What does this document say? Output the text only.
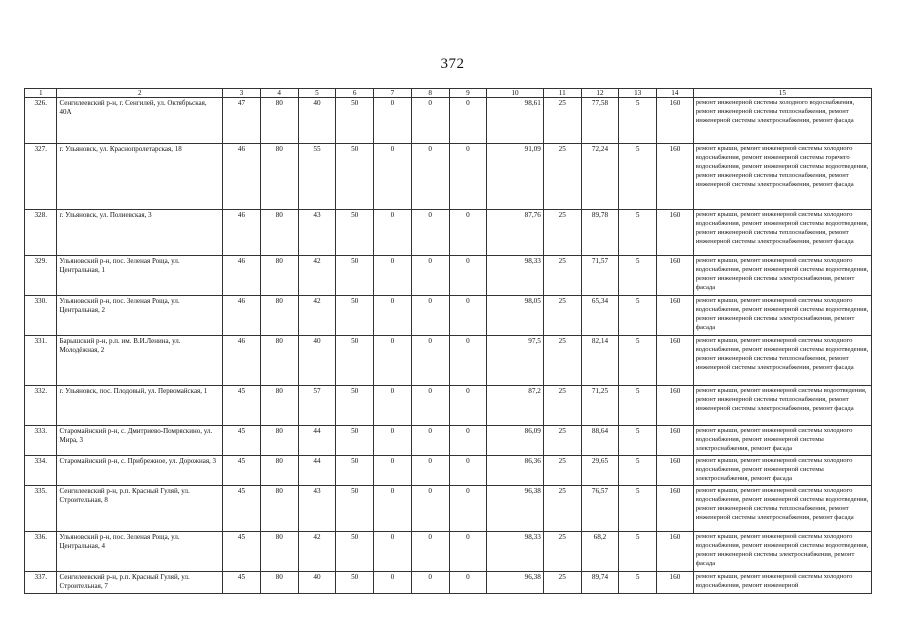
372
1	2	3	4	5	6	7	8	9	10	11	12	13	14	15
326.	Сенгилеевский р-н, г. Сенгилей, ул. Октябрьская, 40А	47	80	40	50	0	0	0	98,61	25	77,58	5	160	ремонт инженерной системы холодного водоснабжения, ремонт инженерной системы теплоснабжения, ремонт инженерной системы электроснабжения, ремонт фасада
327.	г. Ульяновск, ул. Краснопролетарская, 18	46	80	55	50	0	0	0	91,09	25	72,24	5	160	ремонт крыши, ремонт инженерной системы холодного водоснабжения, ремонт инженерной системы горячего водоснабжения, ремонт инженерной системы водоотведения, ремонт инженерной системы теплоснабжения, ремонт инженерной системы электроснабжения, ремонт фасада
328.	г. Ульяновск, ул. Полиевская, 3	46	80	43	50	0	0	0	87,76	25	89,78	5	160	ремонт крыши, ремонт инженерной системы холодного водоснабжения, ремонт инженерной системы водоотведения, ремонт инженерной системы теплоснабжения, ремонт инженерной системы электроснабжения, ремонт фасада
329.	Ульяновский р-н, пос. Зеленая Роща, ул. Центральная, 1	46	80	42	50	0	0	0	98,33	25	71,57	5	160	ремонт крыши, ремонт инженерной системы холодного водоснабжения, ремонт инженерной системы водоотведения, ремонт инженерной системы электроснабжения, ремонт фасада
330.	Ульяновский р-н, пос. Зеленая Роща, ул. Центральная, 2	46	80	42	50	0	0	0	98,05	25	65,34	5	160	ремонт крыши, ремонт инженерной системы холодного водоснабжения, ремонт инженерной системы водоотведения, ремонт инженерной системы электроснабжения, ремонт фасада
331.	Барышский р-н, р.п. им. В.И.Ленина, ул. Молодёжная, 2	46	80	40	50	0	0	0	97,5	25	82,14	5	160	ремонт крыши, ремонт инженерной системы холодного водоснабжения, ремонт инженерной системы водоотведения, ремонт инженерной системы теплоснабжения, ремонт инженерной системы электроснабжения, ремонт фасада
332.	г. Ульяновск, пос. Плодовый, ул. Первомайская, 1	45	80	57	50	0	0	0	87,2	25	71,25	5	160	ремонт крыши, ремонт инженерной системы водоотведения, ремонт инженерной системы теплоснабжения, ремонт инженерной системы электроснабжения, ремонт фасада
333.	Старомайнский р-н, с. Дмитриево-Помряскино, ул. Мира, 3	45	80	44	50	0	0	0	86,09	25	88,64	5	160	ремонт крыши, ремонт инженерной системы холодного водоснабжения, ремонт инженерной системы электроснабжения, ремонт фасада
334.	Старомайнский р-н, с. Прибрежное, ул. Дорожная, 3	45	80	44	50	0	0	0	86,36	25	29,65	5	160	ремонт крыши, ремонт инженерной системы холодного водоснабжения, ремонт инженерной системы электроснабжения, ремонт фасада
335.	Сенгилеевский р-н, р.п. Красный Гуляй, ул. Строительная, 8	45	80	43	50	0	0	0	96,38	25	76,57	5	160	ремонт крыши, ремонт инженерной системы холодного водоснабжения, ремонт инженерной системы водоотведения, ремонт инженерной системы теплоснабжения, ремонт инженерной системы электроснабжения, ремонт фасада
336.	Ульяновский р-н, пос. Зеленая Роща, ул. Центральная, 4	45	80	42	50	0	0	0	98,33	25	68,2	5	160	ремонт крыши, ремонт инженерной системы холодного водоснабжения, ремонт инженерной системы водоотведения, ремонт инженерной системы электроснабжения, ремонт фасада
337.	Сенгилеевский р-н, р.п. Красный Гуляй, ул. Строительная, 7	45	80	40	50	0	0	0	96,38	25	89,74	5	160	ремонт крыши, ремонт инженерной системы холодного водоснабжения, ремонт инженерной
